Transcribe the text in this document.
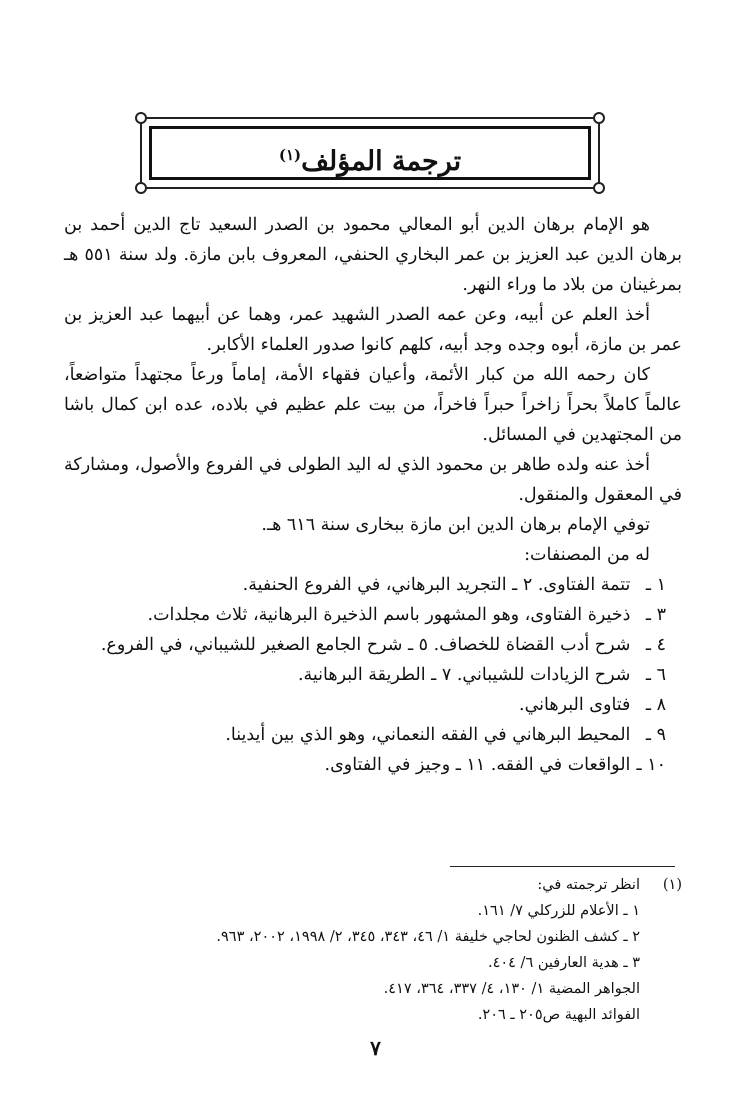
ترجمة المؤلف$^{(١)}$

هو الإمام برهان الدين أبو المعالي محمود بن الصدر السعيد تاج الدين أحمد بن برهان الدين عبد العزيز بن عمر البخاري الحنفي، المعروف بابن مازة. ولد سنة ٥٥١ هـ بمرغينان من بلاد ما وراء النهر.

أخذ العلم عن أبيه، وعن عمه الصدر الشهيد عمر، وهما عن أبيهما عبد العزيز بن عمر بن مازة، أبوه وجده وجد أبيه، كلهم كانوا صدور العلماء الأكابر.

كان رحمه الله من كبار الأئمة، وأعيان فقهاء الأمة، إماماً ورعاً مجتهداً متواضعاً، عالماً كاملاً بحراً زاخراً حبراً فاخراً، من بيت علم عظيم في بلاده، عده ابن كمال باشا من المجتهدين في المسائل.

أخذ عنه ولده طاهر بن محمود الذي له اليد الطولى في الفروع والأصول، ومشاركة في المعقول والمنقول.

توفي الإمام برهان الدين ابن مازة ببخارى سنة ٦١٦ هـ.

له من المصنفات:

١ ـ تتمة الفتاوى. ٢ ـ التجريد البرهاني، في الفروع الحنفية.
٣ ـ ذخيرة الفتاوى، وهو المشهور باسم الذخيرة البرهانية، ثلاث مجلدات.
٤ ـ شرح أدب القضاة للخصاف. ٥ ـ شرح الجامع الصغير للشيباني، في الفروع.
٦ ـ شرح الزيادات للشيباني. ٧ ـ الطريقة البرهانية.
٨ ـ فتاوى البرهاني.
٩ ـ المحيط البرهاني في الفقه النعماني، وهو الذي بين أيدينا.
١٠ ـ الواقعات في الفقه. ١١ ـ وجيز في الفتاوى.

(١)انظر ترجمته في:

١ ـ الأعلام للزركلي ٧/ ١٦١.

٢ ـ كشف الظنون لحاجي خليفة ١/ ٤٦، ٣٤٣، ٣٤٥، ٢/ ١٩٩٨، ٢٠٠٢، ٩٦٣.

٣ ـ هدية العارفين ٦/ ٤٠٤.

الجواهر المضية ١/ ١٣٠، ٤/ ٣٣٧، ٣٦٤، ٤١٧.

الفوائد البهية ص٢٠٥ ـ ٢٠٦.

٧
